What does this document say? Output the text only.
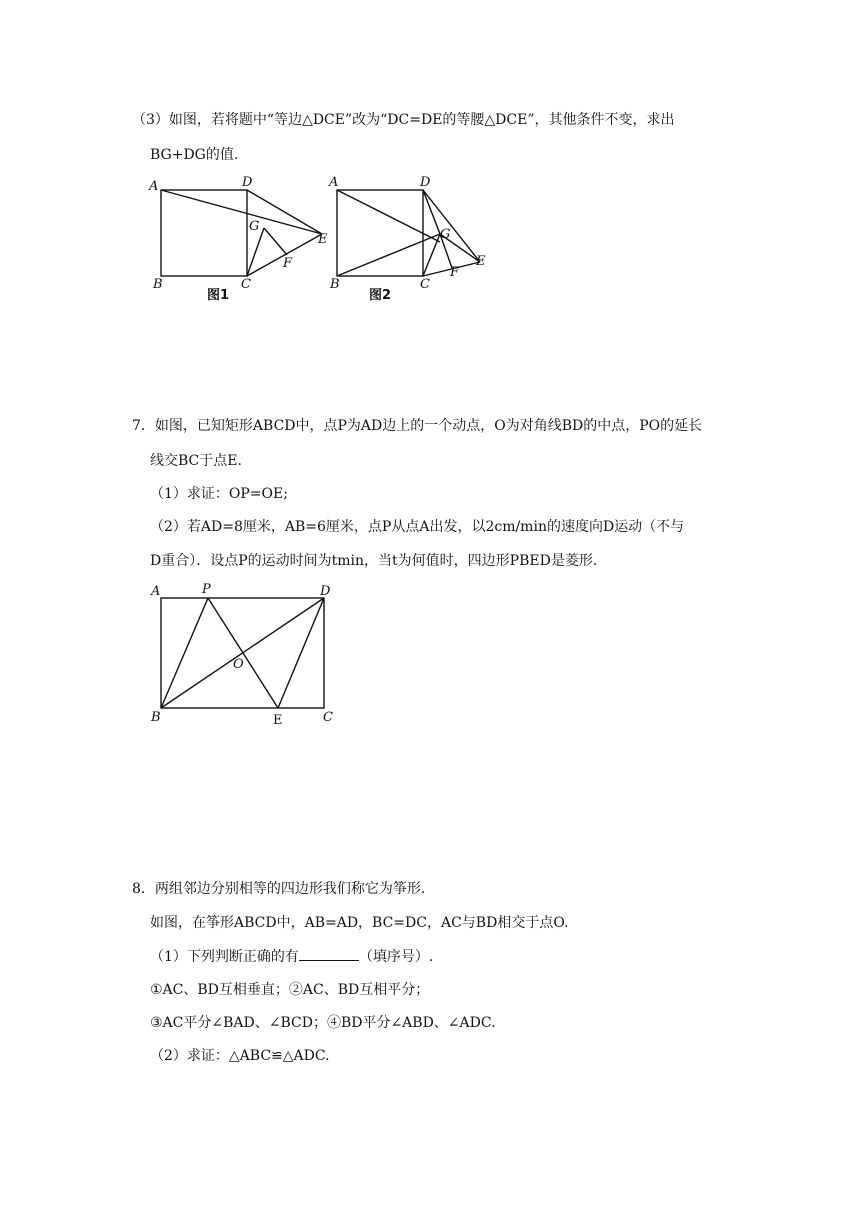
（3）如图，若将题中“等边△DCE”改为“DC=DE的等腰△DCE”，其他条件不变，求出
BG+DG的值.
A	D
G
E
F
B	C
图1
A	D
G
E
F
B	C
图2
7．如图，已知矩形ABCD中，点P为AD边上的一个动点，O为对角线BD的中点，PO的延长
线交BC于点E.
（1）求证：OP=OE;
（2）若AD=8厘米，AB=6厘米，点P从点A出发，以2cm/min的速度向D运动（不与
D重合）．设点P的运动时间为tmin，当t为何值时，四边形PBED是菱形.
A	P	D
O
B	E	C
8．两组邻边分别相等的四边形我们称它为筝形.
如图，在筝形ABCD中，AB=AD，BC=DC，AC与BD相交于点O.
（1）下列判断正确的有	（填序号）.
①AC、BD互相垂直；②AC、BD互相平分；
③AC平分∠BAD、∠BCD；④BD平分∠ABD、∠ADC.
（2）求证：△ABC≌△ADC.
